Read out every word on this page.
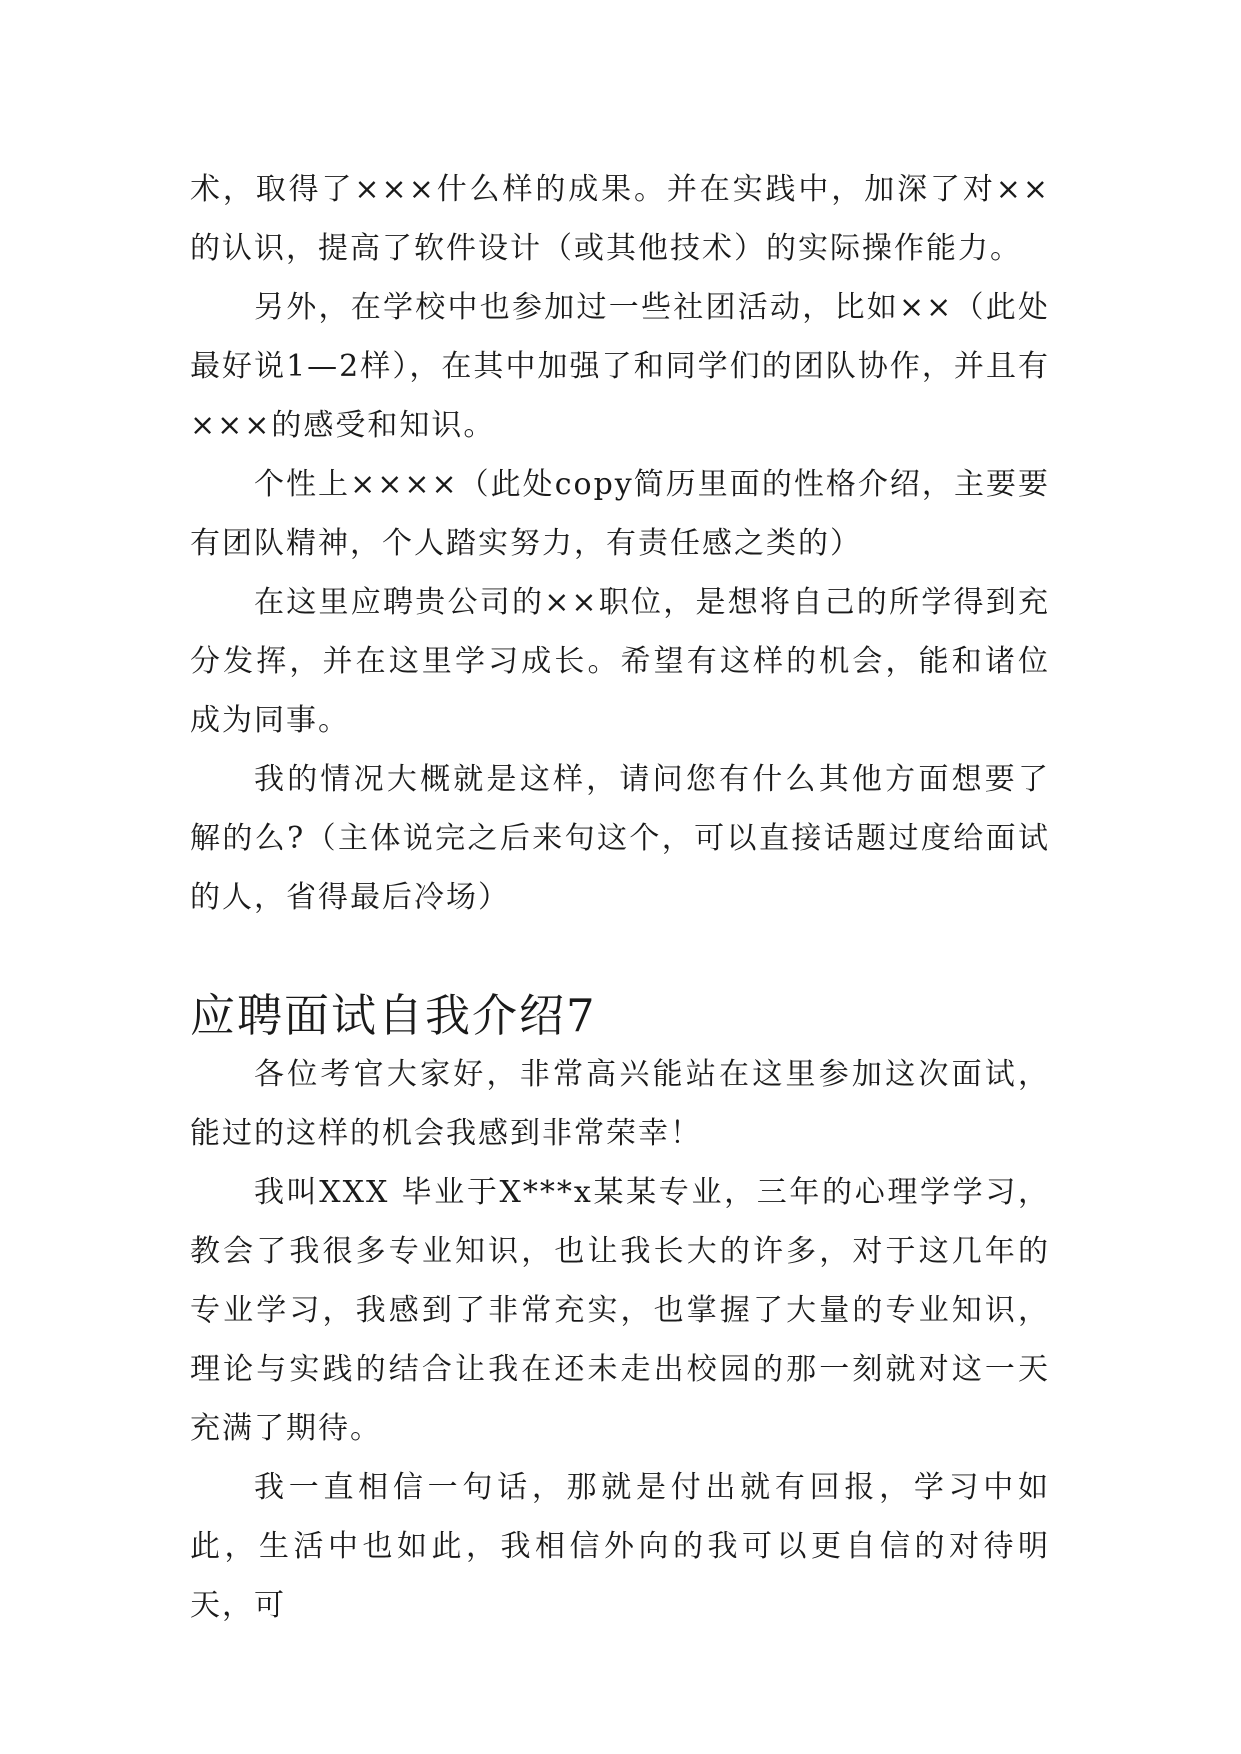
术，取得了×××什么样的成果。并在实践中，加深了对××的认识，提高了软件设计（或其他技术）的实际操作能力。

另外，在学校中也参加过一些社团活动，比如××（此处最好说1—2样），在其中加强了和同学们的团队协作，并且有×××的感受和知识。

个性上××××（此处copy简历里面的性格介绍，主要要有团队精神，个人踏实努力，有责任感之类的）

在这里应聘贵公司的××职位，是想将自己的所学得到充分发挥，并在这里学习成长。希望有这样的机会，能和诸位成为同事。

我的情况大概就是这样，请问您有什么其他方面想要了解的么?（主体说完之后来句这个，可以直接话题过度给面试的人，省得最后冷场）

应聘面试自我介绍7

各位考官大家好，非常高兴能站在这里参加这次面试，能过的这样的机会我感到非常荣幸！

我叫XXX 毕业于X***x某某专业，三年的心理学学习，教会了我很多专业知识，也让我长大的许多，对于这几年的专业学习，我感到了非常充实，也掌握了大量的专业知识，理论与实践的结合让我在还未走出校园的那一刻就对这一天充满了期待。

我一直相信一句话，那就是付出就有回报，学习中如此，生活中也如此，我相信外向的我可以更自信的对待明天，可
